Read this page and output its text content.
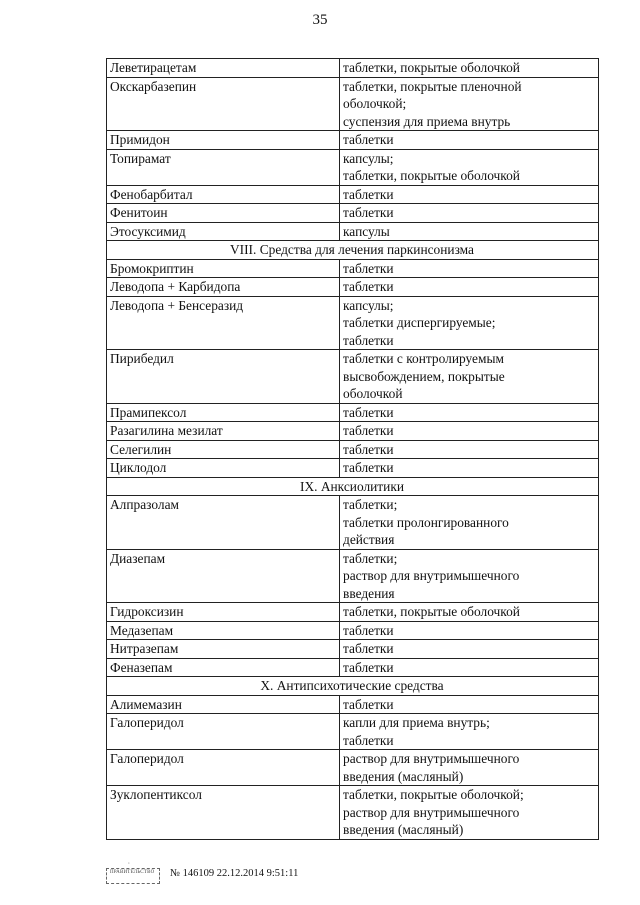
35
Леветирацетам	таблетки, покрытые оболочкой

Окскарбазепин	таблетки, покрытые пленочной
оболочкой;
суспензия для приема внутрь

Примидон	таблетки

Топирамат	капсулы;
таблетки, покрытые оболочкой

Фенобарбитал	таблетки

Фенитоин	таблетки

Этосуксимид	капсулы

VIII. Средства для лечения паркинсонизма	
Бромокриптин	таблетки

Леводопа + Карбидопа	таблетки

Леводопа + Бенсеразид	капсулы;
таблетки диспергируемые;
таблетки

Пирибедил	таблетки с контролируемым
высвобождением, покрытые
оболочкой

Прамипексол	таблетки

Разагилина мезилат	таблетки

Селегилин	таблетки

Циклодол	таблетки

IX. Анксиолитики	
Алпразолам	таблетки;
таблетки пролонгированного
действия

Диазепам	таблетки;
раствор для внутримышечного
введения

Гидроксизин	таблетки, покрытые оболочкой

Медазепам	таблетки

Нитразепам	таблетки

Феназепам	таблетки

X. Антипсихотические средства	
Алимемазин	таблетки

Галоперидол	капли для приема внутрь;
таблетки

Галоперидол	раствор для внутримышечного
введения (масляный)

Зуклопентиксол	таблетки, покрытые оболочкой;
раствор для внутримышечного
введения (масляный)
ﾟ
ПРАВИТЕЛЬСТВО № 146109 22.12.2014 9:51:11
